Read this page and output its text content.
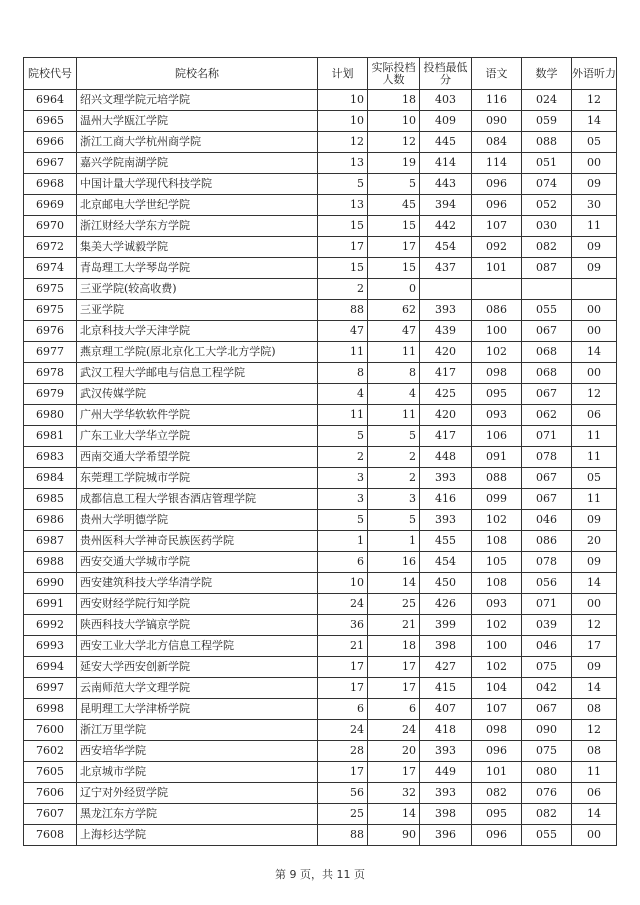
院校代号	院校名称	计划	实际投档人数	投档最低分	语文	数学	外语听力
6964	绍兴文理学院元培学院	10	18	403	116	024	12
6965	温州大学瓯江学院	10	10	409	090	059	14
6966	浙江工商大学杭州商学院	12	12	445	084	088	05
6967	嘉兴学院南湖学院	13	19	414	114	051	00
6968	中国计量大学现代科技学院	5	5	443	096	074	09
6969	北京邮电大学世纪学院	13	45	394	096	052	30
6970	浙江财经大学东方学院	15	15	442	107	030	11
6972	集美大学诚毅学院	17	17	454	092	082	09
6974	青岛理工大学琴岛学院	15	15	437	101	087	09
6975	三亚学院(较高收费)	2	0				
6975	三亚学院	88	62	393	086	055	00
6976	北京科技大学天津学院	47	47	439	100	067	00
6977	燕京理工学院(原北京化工大学北方学院)	11	11	420	102	068	14
6978	武汉工程大学邮电与信息工程学院	8	8	417	098	068	00
6979	武汉传媒学院	4	4	425	095	067	12
6980	广州大学华软软件学院	11	11	420	093	062	06
6981	广东工业大学华立学院	5	5	417	106	071	11
6983	西南交通大学希望学院	2	2	448	091	078	11
6984	东莞理工学院城市学院	3	2	393	088	067	05
6985	成都信息工程大学银杏酒店管理学院	3	3	416	099	067	11
6986	贵州大学明德学院	5	5	393	102	046	09
6987	贵州医科大学神奇民族医药学院	1	1	455	108	086	20
6988	西安交通大学城市学院	6	16	454	105	078	09
6990	西安建筑科技大学华清学院	10	14	450	108	056	14
6991	西安财经学院行知学院	24	25	426	093	071	00
6992	陕西科技大学镐京学院	36	21	399	102	039	12
6993	西安工业大学北方信息工程学院	21	18	398	100	046	17
6994	延安大学西安创新学院	17	17	427	102	075	09
6997	云南师范大学文理学院	17	17	415	104	042	14
6998	昆明理工大学津桥学院	6	6	407	107	067	08
7600	浙江万里学院	24	24	418	098	090	12
7602	西安培华学院	28	20	393	096	075	08
7605	北京城市学院	17	17	449	101	080	11
7606	辽宁对外经贸学院	56	32	393	082	076	06
7607	黑龙江东方学院	25	14	398	095	082	14
7608	上海杉达学院	88	90	396	096	055	00
第 9 页，共 11 页
